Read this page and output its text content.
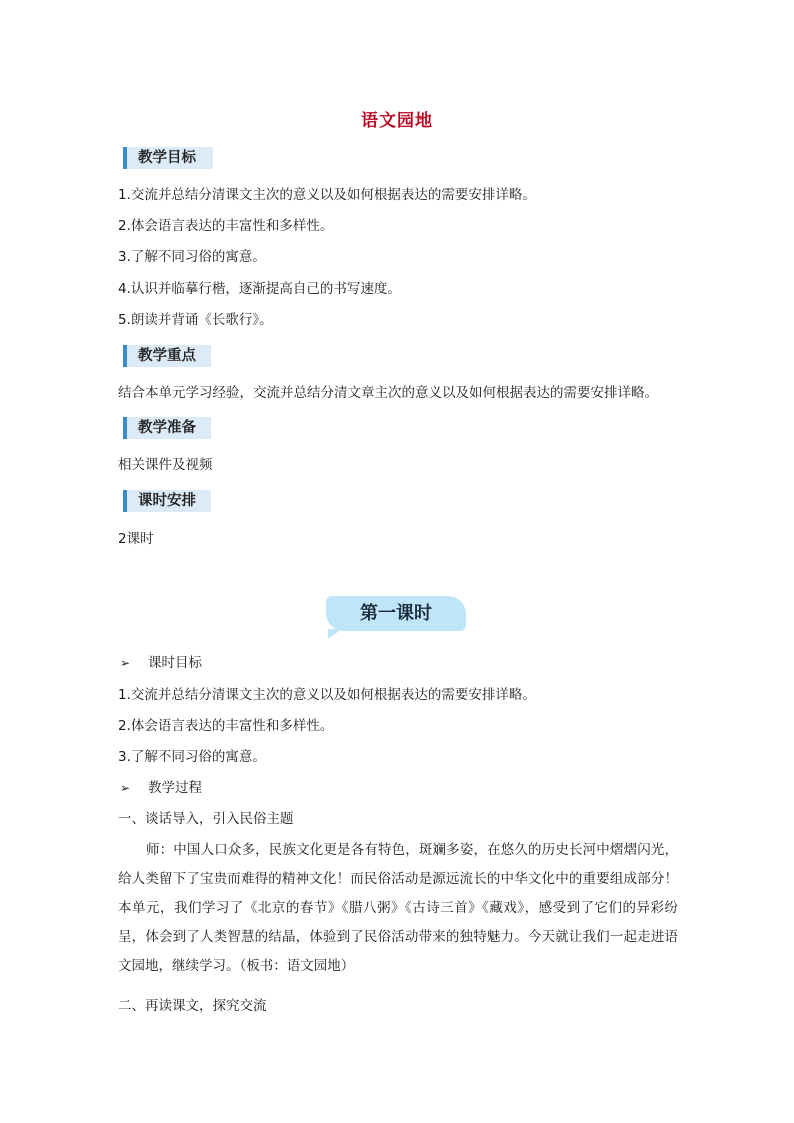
语文园地
教学目标
1.交流并总结分清课文主次的意义以及如何根据表达的需要安排详略。
2.体会语言表达的丰富性和多样性。
3.了解不同习俗的寓意。
4.认识并临摹行楷，逐渐提高自己的书写速度。
5.朗读并背诵《长歌行》。
教学重点
结合本单元学习经验，交流并总结分清文章主次的意义以及如何根据表达的需要安排详略。
教学准备
相关课件及视频
课时安排
2课时
第一课时
➢ 课时目标
1.交流并总结分清课文主次的意义以及如何根据表达的需要安排详略。
2.体会语言表达的丰富性和多样性。
3.了解不同习俗的寓意。
➢ 教学过程
一、谈话导入，引入民俗主题
师：中国人口众多，民族文化更是各有特色，斑斓多姿，在悠久的历史长河中熠熠闪光，给人类留下了宝贵而难得的精神文化！而民俗活动是源远流长的中华文化中的重要组成部分！本单元，我们学习了《北京的春节》《腊八粥》《古诗三首》《藏戏》，感受到了它们的异彩纷呈，体会到了人类智慧的结晶，体验到了民俗活动带来的独特魅力。今天就让我们一起走进语文园地，继续学习。（板书：语文园地）
二、再读课文，探究交流
